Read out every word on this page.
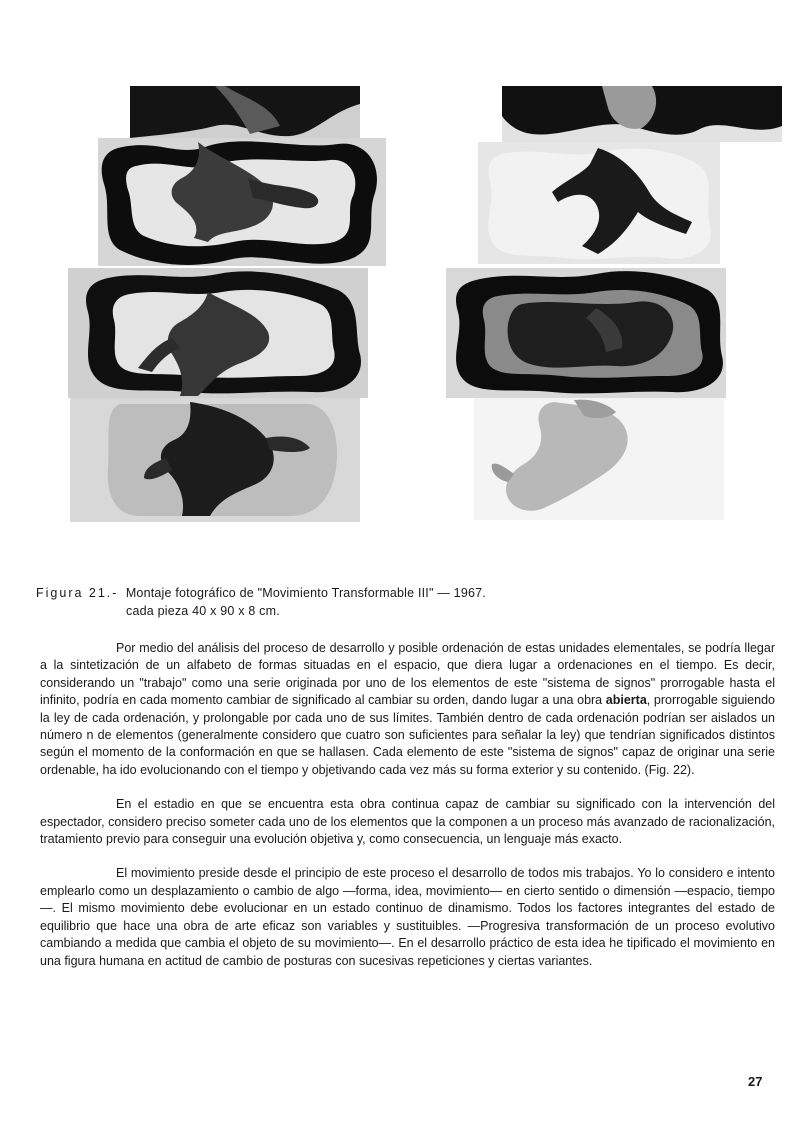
Figura 21.- Montaje fotográfico de "Movimiento Transformable III" — 1967.
cada pieza 40 x 90 x 8 cm.

Por medio del análisis del proceso de desarrollo y posible ordenación de estas unidades elementales, se podría llegar a la sintetización de un alfabeto de formas situadas en el espacio, que diera lugar a ordenaciones en el tiempo. Es decir, considerando un "trabajo" como una serie originada por uno de los elementos de este "sistema de signos" prorrogable hasta el infinito, podría en cada momento cambiar de significado al cambiar su orden, dando lugar a una obra abierta, prorrogable siguiendo la ley de cada ordenación, y prolongable por cada uno de sus límites. También dentro de cada ordenación podrían ser aislados un número n de elementos (generalmente considero que cuatro son suficientes para señalar la ley) que tendrían significados distintos según el momento de la conformación en que se hallasen. Cada elemento de este "sistema de signos" capaz de originar una serie ordenable, ha ido evolucionando con el tiempo y objetivando cada vez más su forma exterior y su contenido. (Fig. 22).

En el estadio en que se encuentra esta obra continua capaz de cambiar su significado con la intervención del espectador, considero preciso someter cada uno de los elementos que la componen a un proceso más avanzado de racionalización, tratamiento previo para conseguir una evolución objetiva y, como consecuencia, un lenguaje más exacto.

El movimiento preside desde el principio de este proceso el desarrollo de todos mis trabajos. Yo lo considero e intento emplearlo como un desplazamiento o cambio de algo —forma, idea, movimiento— en cierto sentido o dimensión —espacio, tiempo—. El mismo movimiento debe evolucionar en un estado continuo de dinamismo. Todos los factores integrantes del estado de equilibrio que hace una obra de arte eficaz son variables y sustituibles. —Progresiva transformación de un proceso evolutivo cambiando a medida que cambia el objeto de su movimiento—. En el desarrollo práctico de esta idea he tipificado el movimiento en una figura humana en actitud de cambio de posturas con sucesivas repeticiones y ciertas variantes.

27
